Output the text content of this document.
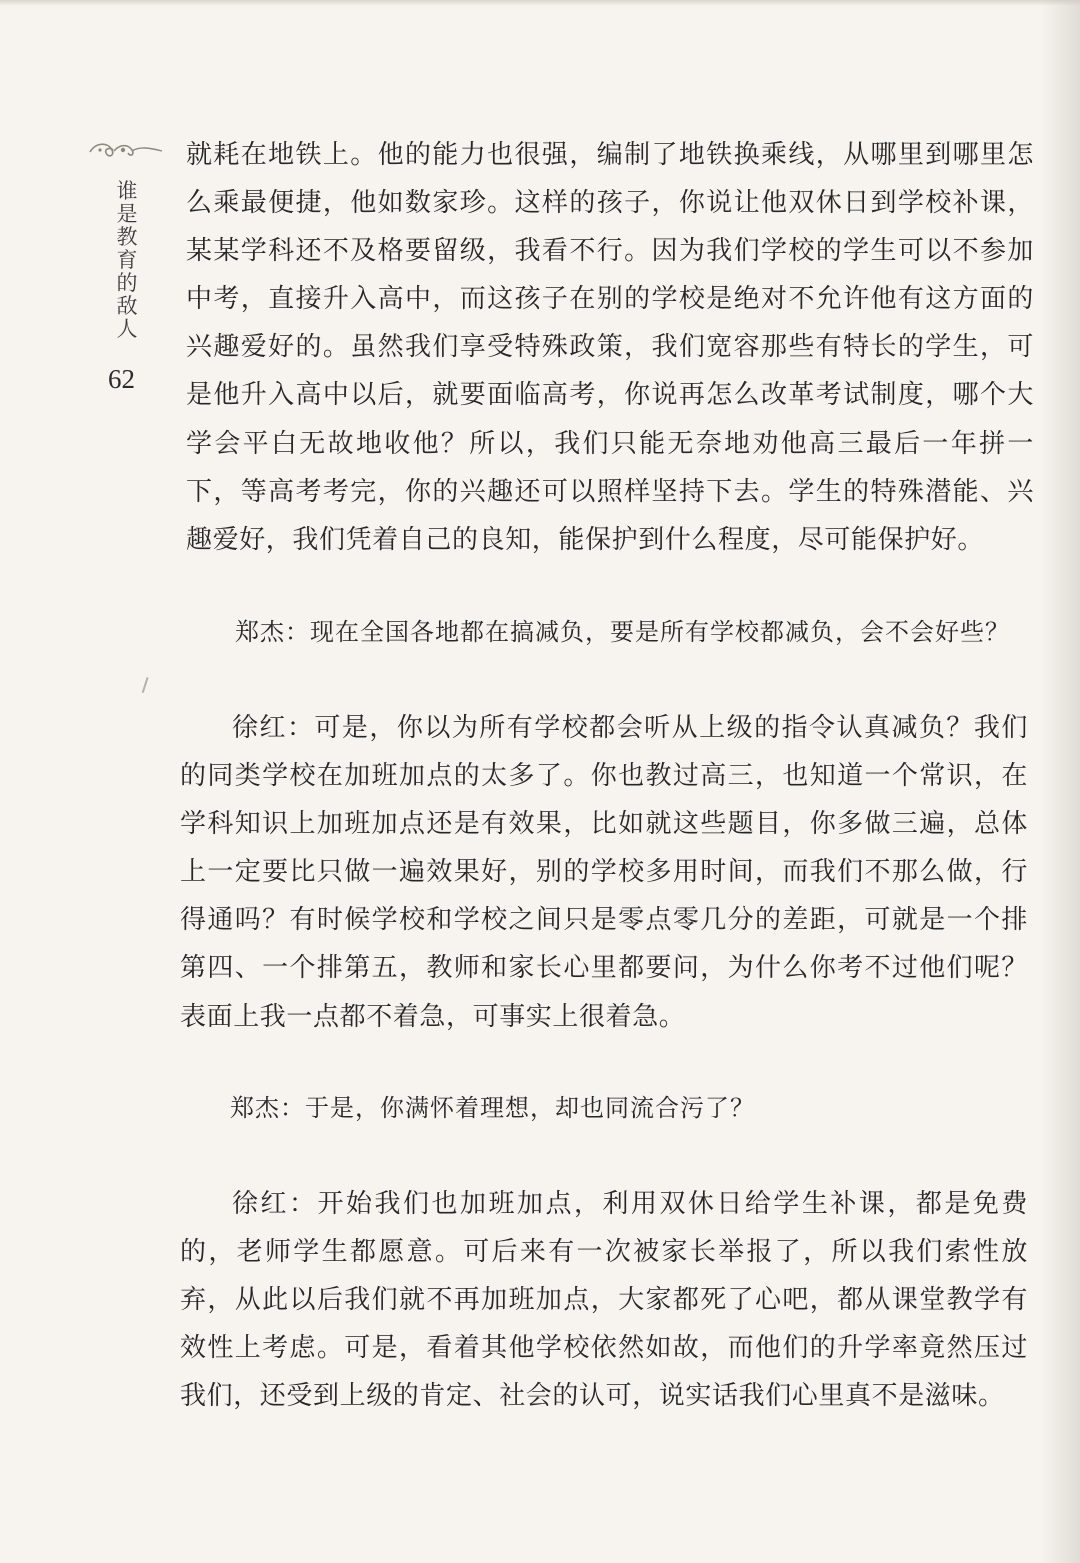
谁
是
教
育
的
敌
人
62

就耗在地铁上。他的能力也很强，编制了地铁换乘线，从哪里到哪里怎么乘最便捷，他如数家珍。这样的孩子，你说让他双休日到学校补课，某某学科还不及格要留级，我看不行。因为我们学校的学生可以不参加中考，直接升入高中，而这孩子在别的学校是绝对不允许他有这方面的兴趣爱好的。虽然我们享受特殊政策，我们宽容那些有特长的学生，可是他升入高中以后，就要面临高考，你说再怎么改革考试制度，哪个大学会平白无故地收他？所以，我们只能无奈地劝他高三最后一年拼一下，等高考考完，你的兴趣还可以照样坚持下去。学生的特殊潜能、兴趣爱好，我们凭着自己的良知，能保护到什么程度，尽可能保护好。

郑杰：现在全国各地都在搞减负，要是所有学校都减负，会不会好些？

徐红：可是，你以为所有学校都会听从上级的指令认真减负？我们的同类学校在加班加点的太多了。你也教过高三，也知道一个常识，在学科知识上加班加点还是有效果，比如就这些题目，你多做三遍，总体上一定要比只做一遍效果好，别的学校多用时间，而我们不那么做，行得通吗？有时候学校和学校之间只是零点零几分的差距，可就是一个排第四、一个排第五，教师和家长心里都要问，为什么你考不过他们呢？表面上我一点都不着急，可事实上很着急。

郑杰：于是，你满怀着理想，却也同流合污了？

徐红：开始我们也加班加点，利用双休日给学生补课，都是免费的，老师学生都愿意。可后来有一次被家长举报了，所以我们索性放弃，从此以后我们就不再加班加点，大家都死了心吧，都从课堂教学有效性上考虑。可是，看着其他学校依然如故，而他们的升学率竟然压过我们，还受到上级的肯定、社会的认可，说实话我们心里真不是滋味。
